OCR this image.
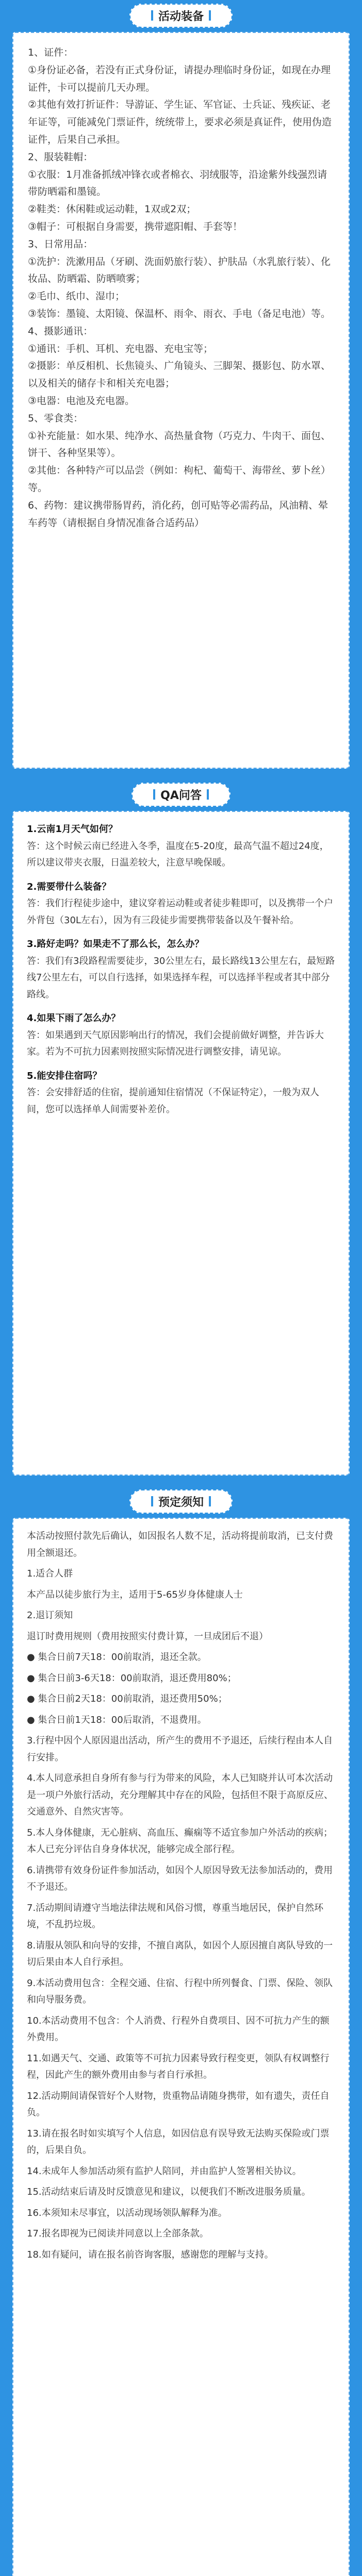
活动装备

1、证件：

①身份证必备，若没有正式身份证，请提办理临时身份证，如现在办理证件，卡可以提前几天办理。

②其他有效打折证件：导游证、学生证、军官证、士兵证、残疾证、老年证等，可能减免门票证件，统统带上，要求必须是真证件，使用伪造证件，后果自己承担。

2、服装鞋帽：

①衣服：1月准备抓绒冲锋衣或者棉衣、羽绒服等，沿途紫外线强烈请带防晒霜和墨镜。

②鞋类：休闲鞋或运动鞋，1双或2双；

③帽子：可根据自身需要，携带遮阳帽、手套等！

3、日常用品：

①洗护：洗漱用品（牙刷、洗面奶旅行装）、护肤品（水乳旅行装）、化妆品、防晒霜、防晒喷雾；

②毛巾、纸巾、湿巾；

③装饰：墨镜、太阳镜、保温杯、雨伞、雨衣、手电（备足电池）等。

4、摄影通讯：

①通讯：手机、耳机、充电器、充电宝等；

②摄影：单反相机、长焦镜头、广角镜头、三脚架、摄影包、防水罩、以及相关的储存卡和相关充电器；

③电器：电池及充电器。

5、零食类：

①补充能量：如水果、纯净水、高热量食物（巧克力、牛肉干、面包、饼干、各种坚果等）。

②其他：各种特产可以品尝（例如：枸杞、葡萄干、海带丝、萝卜丝）等。

6、药物：建议携带肠胃药，消化药，创可贴等必需药品，风油精、晕车药等（请根据自身情况准备合适药品）

QA问答

1.云南1月天气如何？

答：这个时候云南已经进入冬季，温度在5-20度，最高气温不超过24度，所以建议带夹衣服，日温差较大，注意早晚保暖。

2.需要带什么装备？

答：我们行程徒步途中，建议穿着运动鞋或者徒步鞋即可，以及携带一个户外背包（30L左右），因为有三段徒步需要携带装备以及午餐补给。

3.路好走吗？如果走不了那么长，怎么办？

答：我们有3段路程需要徒步，30公里左右，最长路线13公里左右，最短路线7公里左右，可以自行选择，如果选择车程，可以选择半程或者其中部分路线。

4.如果下雨了怎么办？

答：如果遇到天气原因影响出行的情况，我们会提前做好调整，并告诉大家。若为不可抗力因素则按照实际情况进行调整安排，请见谅。

5.能安排住宿吗？

答：会安排舒适的住宿，提前通知住宿情况（不保证特定），一般为双人间，您可以选择单人间需要补差价。

预定须知

本活动按照付款先后确认，如因报名人数不足，活动将提前取消，已支付费用全额退还。

1.适合人群

本产品以徒步旅行为主，适用于5-65岁身体健康人士

2.退订须知

退订时费用规则（费用按照实付费计算，一旦成团后不退）

● 集合日前7天18：00前取消，退还全款。

● 集合日前3-6天18：00前取消，退还费用80%；

● 集合日前2天18：00前取消，退还费用50%；

● 集合日前1天18：00后取消，不退费用。

3.行程中因个人原因退出活动，所产生的费用不予退还，后续行程由本人自行安排。

4.本人同意承担自身所有参与行为带来的风险，本人已知晓并认可本次活动是一项户外旅行活动，充分理解其中存在的风险，包括但不限于高原反应、交通意外、自然灾害等。

5.本人身体健康，无心脏病、高血压、癫痫等不适宜参加户外活动的疾病；本人已充分评估自身身体状况，能够完成全部行程。

6.请携带有效身份证件参加活动，如因个人原因导致无法参加活动的，费用不予退还。

7.活动期间请遵守当地法律法规和风俗习惯，尊重当地居民，保护自然环境，不乱扔垃圾。

8.请服从领队和向导的安排，不擅自离队，如因个人原因擅自离队导致的一切后果由本人自行承担。

9.本活动费用包含：全程交通、住宿、行程中所列餐食、门票、保险、领队和向导服务费。

10.本活动费用不包含：个人消费、行程外自费项目、因不可抗力产生的额外费用。

11.如遇天气、交通、政策等不可抗力因素导致行程变更，领队有权调整行程，因此产生的额外费用由参与者自行承担。

12.活动期间请保管好个人财物，贵重物品请随身携带，如有遗失，责任自负。

13.请在报名时如实填写个人信息，如因信息有误导致无法购买保险或门票的，后果自负。

14.未成年人参加活动须有监护人陪同，并由监护人签署相关协议。

15.活动结束后请及时反馈意见和建议，以便我们不断改进服务质量。

16.本须知未尽事宜，以活动现场领队解释为准。

17.报名即视为已阅读并同意以上全部条款。

18.如有疑问，请在报名前咨询客服，感谢您的理解与支持。
